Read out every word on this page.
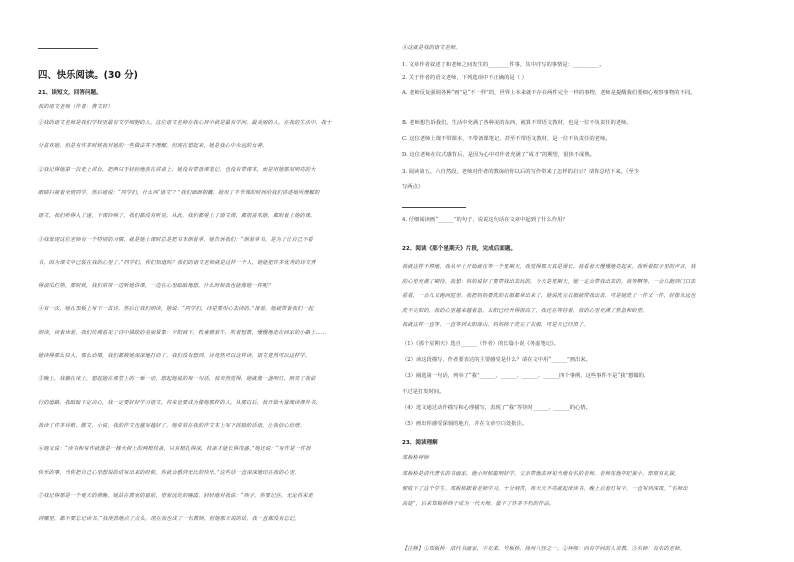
四、快乐阅读。(30 分)
21、读短文，回答问题。
我的语文老师（作者：曹文轩）
①我的语文老师是我们学校里最有文学细胞的人。这位语文老师在我心目中就是最有学问、最美丽的人。在我的生活中，我十
分喜欢她，但是有许多时候我对她的一些做法并不理解，但现在想起来，她是我心中永远的女神。
②我记得她第一次走上讲台，把两只手轻轻地放在讲桌上，她没有带备课笔记，也没有带课本，而是用她那双明亮的大
眼睛扫视着全班同学，然后她说：“同学们，什么叫‘语文’？”我们面面相觑。她用了半节课的时间给我们讲述她所理解的
语文，我们听得入了迷，下课铃响了，我们都没有听见。从此，我们都爱上了语文课，都很喜欢她，都盼着上她的课。
③我发现这位老师有一个特别的习惯，就是她上课时总是把书本倒着拿，她告诉我们：“倒着拿书，是为了让自己不看
书，因为课文早已装在我的心里了。”同学们，你们知道吗？我们的语文老师就是这样一个人，她能把许多优秀的诗文背
得滚瓜烂熟。那时候，我们常常一边听她讲课，一边在心里暗暗地想，什么时候我也能像她一样呢？
④有一次，她在黑板上写下一首诗，然后让我们朗读，她说：“同学们，诗是要用心去读的。”接着，她就带着我们一起
朗读，读着读着，我们仿佛看见了诗中描绘的美丽景象：夕阳西下，牧童骑着牛，吹着短笛，慢慢地走在回家的小路上……
她读得那么投入，那么动情，我们都被她深深地打动了。我们没有想到，诗竟然可以这样读，语文竟然可以这样学。
⑤晚上，我躺在床上，想起她在课堂上的一举一动，想起她说的每一句话，我突然觉得，她就像一盏明灯，照亮了我前
行的道路。我暗暗下定决心，我一定要好好学习语文，将来也要成为像她那样的人。从那以后，我开始大量阅读课外书，
我读了许多诗歌、散文、小说，我的作文也越写越好了，她常常在我的作文本上写下鼓励的话语，让我信心倍增。
⑥她又说：“读书和写作就像是一棵大树上的两根枝条，只有根扎得深，枝条才能长得茂盛。”她还说：“写作是一件很
快乐的事，当你把自己心里想说的话写出来的时候，你就会感到无比的快乐。”这些话一直深深地印在我的心里。
⑦我记得那是一个夏天的傍晚，她站在教室的窗前，望着远处的晚霞，轻轻地对我说：“孩子，你要记住，无论将来走
到哪里，都不要忘记读书。”我使劲地点了点头。现在我也成了一名教师，但她那天说的话，我一直都没有忘记。
⑧这就是我的语文老师。
1. 文章作者叙述了和老师之间发生的________件事，其中详写的事情是：__________。
2. 关于作者的语文老师，下列选项中不正确的是（ ）
A. 老师反复强调各种“画”是“不一样”的，世界上本来就不存在两件完全一样的事物，老师是提醒我们要细心观察事物的不同。
B. 老师想告诉我们，生活中充满了各种美的东西，就算不带语文教材，也是一位不负责任的老师。
C. 这位老师上课不带课本，不带备课笔记，甚至不带语文教材，是一位不负责任的老师。
D. 这位老师在仪式感背后，是因为心中对作者充满了“成才”的期望，很快不成熟。
3. 阅读第五、六自然段，老师对作者的教诲给你以后的写作带来了怎样的启示？请你总结下来。（至少
写两点）
4. 仔细阅读画“______”的句子，说说这句话在文章中起到了什么作用？
22、阅读《那个星期天》片段，完成后面题。
我就这样不停地，我从早上开始就在等一个星期天，我觉得那天真是漫长。我看着天慢慢地亮起来，我听着院子里的声音，我
的心里充满了期待。我想：妈妈说好了要带我出去玩的，今天是星期天，她一定会带我出去的。我等啊等，一会儿跑到门口去
看看，一会儿又跑回屋里。我把妈妈要洗的衣服都拿出来了，她说洗完衣服就带我出去。可是她洗了一件又一件，好像永远也
洗不完似的，我的心里越来越着急，太阳已经升得很高了，我还在等待着，我的心里充满了焦急和盼望。
我就这样一直等，一直等到太阳落山，妈妈终于洗完了衣服，可是天已经黑了。
（1）《那个星期天》选自______（作者）的长篇小说《务虚笔记》。
（2）读这段描写，作者要表达的主要感受是什么？请在文中用“______”画出来。
（3）圈选第一句话，列举了“我”______、______、______、______四个事例，这些事件不是“我”想做的，
不过是打发时间。
（4）选文通过动作描写和心理描写，表现了“我”等待时______、______的心情。
（5）画出你感受深刻的地方，并在文章空白处批注。
23、阅读理解
郑板桥拜师
郑板桥是清代著名的书画家，他小时候聪明好学，父亲带他去拜见当地有名的老师。老师见他年纪虽小，却很有礼貌，
便收下了这个学生。郑板桥跟着老师学习，十分刻苦，每天天不亮就起床读书，晚上点着灯写字，一直写到深夜。“名师出
高徒”，后来郑板桥终于成为一代大师，留下了许多不朽的作品。
【注释】①郑板桥：清代书画家，字克柔，号板桥，扬州八怪之一。②拜师：向有学问的人求教。③名师：有名的老师。
